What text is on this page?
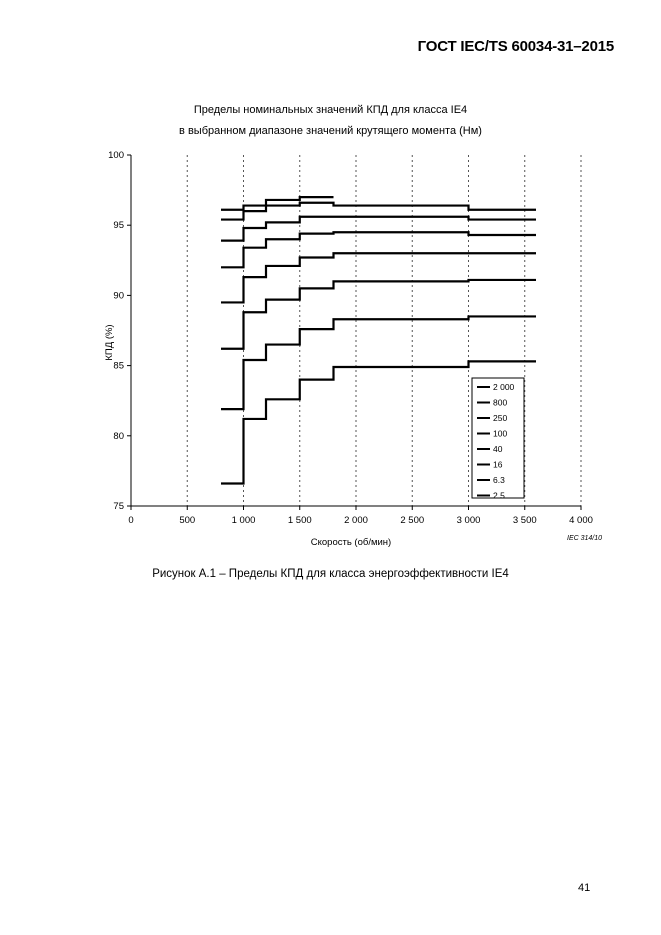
ГОСТ IEC/TS 60034-31–2015
Пределы номинальных значений КПД для класса IE4
в выбранном диапазоне значений крутящего момента (Нм)
75
80
85
90
95
100
0	500	1 000	1 500	2 000	2 500	3 000	3 500	4 000
2 000
800
250
100
40
16
6.3
2.5
Скорость (об/мин)
КПД (%)
IEC 314/10
Рисунок А.1 – Пределы КПД для класса энергоэффективности IE4
41
